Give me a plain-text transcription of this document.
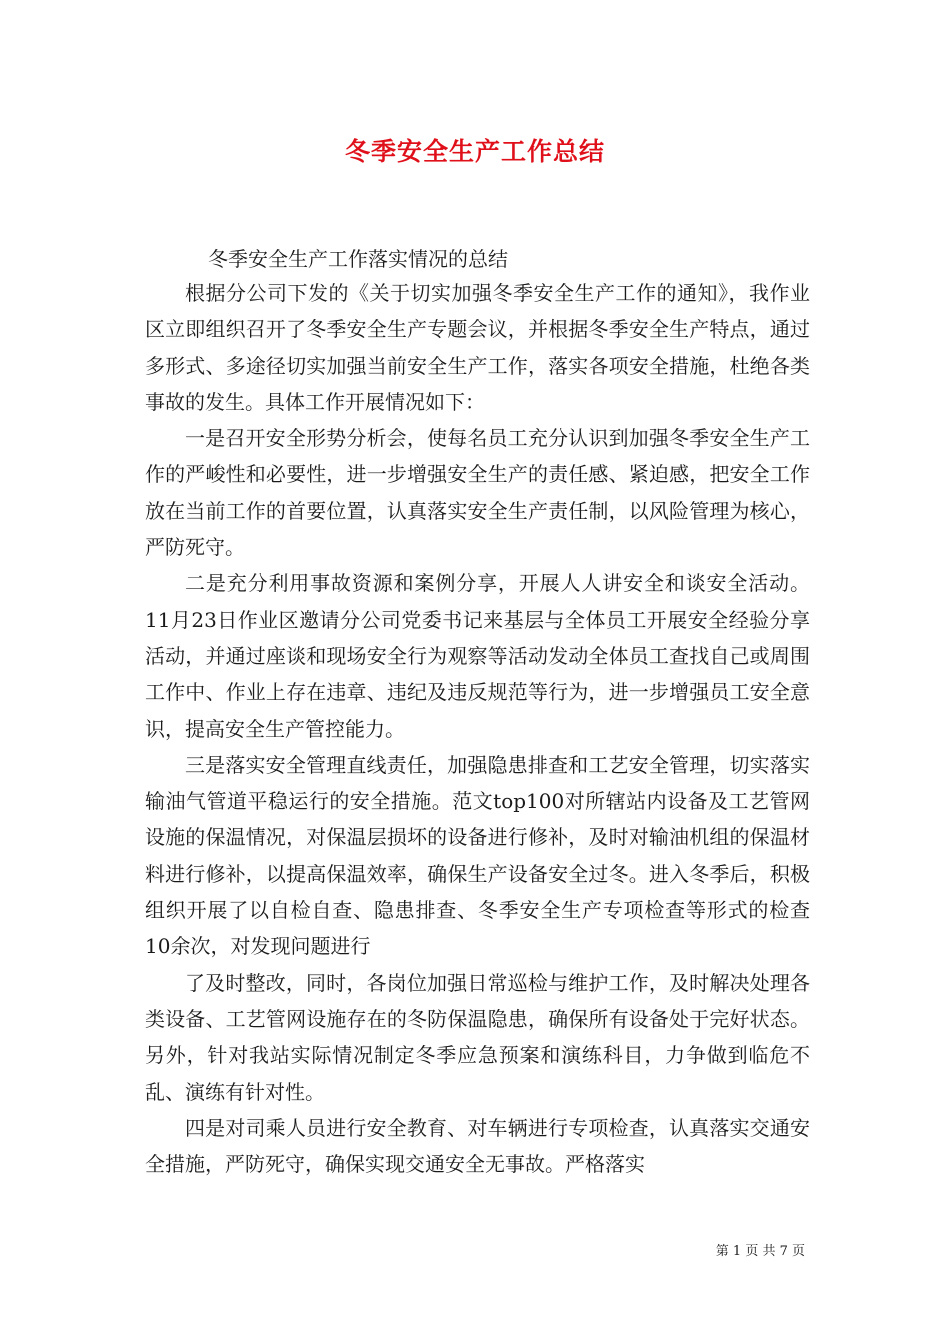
冬季安全生产工作总结
冬季安全生产工作落实情况的总结

根据分公司下发的《关于切实加强冬季安全生产工作的通知》，我作业区立即组织召开了冬季安全生产专题会议，并根据冬季安全生产特点，通过多形式、多途径切实加强当前安全生产工作，落实各项安全措施，杜绝各类事故的发生。具体工作开展情况如下：

一是召开安全形势分析会，使每名员工充分认识到加强冬季安全生产工作的严峻性和必要性，进一步增强安全生产的责任感、紧迫感，把安全工作放在当前工作的首要位置，认真落实安全生产责任制，以风险管理为核心，严防死守。

二是充分利用事故资源和案例分享，开展人人讲安全和谈安全活动。11月23日作业区邀请分公司党委书记来基层与全体员工开展安全经验分享活动，并通过座谈和现场安全行为观察等活动发动全体员工查找自己或周围工作中、作业上存在违章、违纪及违反规范等行为，进一步增强员工安全意识，提高安全生产管控能力。

三是落实安全管理直线责任，加强隐患排查和工艺安全管理，切实落实输油气管道平稳运行的安全措施。范文top100对所辖站内设备及工艺管网设施的保温情况，对保温层损坏的设备进行修补，及时对输油机组的保温材料进行修补，以提高保温效率，确保生产设备安全过冬。进入冬季后，积极组织开展了以自检自查、隐患排查、冬季安全生产专项检查等形式的检查10余次，对发现问题进行

了及时整改，同时，各岗位加强日常巡检与维护工作，及时解决处理各类设备、工艺管网设施存在的冬防保温隐患，确保所有设备处于完好状态。另外，针对我站实际情况制定冬季应急预案和演练科目，力争做到临危不乱、演练有针对性。

四是对司乘人员进行安全教育、对车辆进行专项检查，认真落实交通安全措施，严防死守，确保实现交通安全无事故。严格落实

第 1 页 共 7 页
